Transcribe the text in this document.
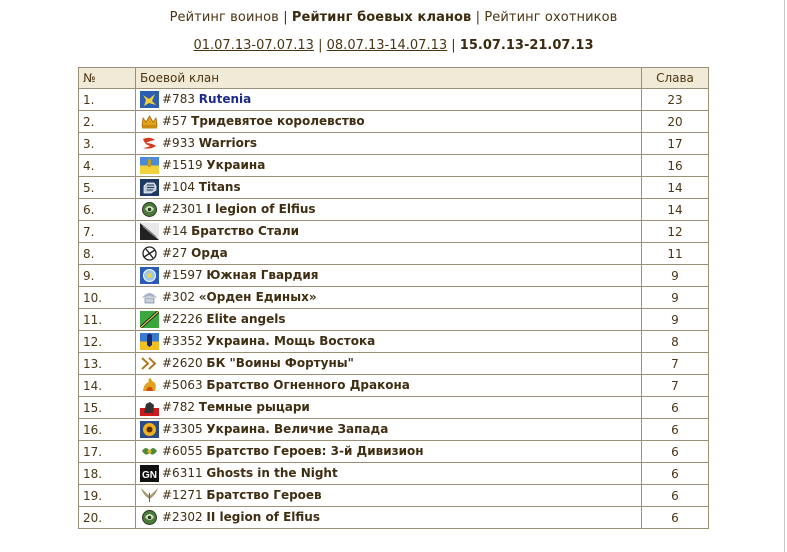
Рейтинг воинов | Рейтинг боевых кланов | Рейтинг охотников
01.07.13-07.07.13 | 08.07.13-14.07.13 | 15.07.13-21.07.13
№	Боевой клан	Слава
1.	#783 Rutenia	23
2.	#57 Тридевятое королевство	20
3.	#933 Warriors	17
4.	#1519 Украина	16
5.	#104 Titans	14
6.	#2301 I legion of Elfius	14
7.	#14 Братство Стали	12
8.	#27 Орда	11
9.	#1597 Южная Гвардия	9
10.	#302 «Орден Единых»	9
11.	#2226 Elite angels	9
12.	#3352 Украина. Мощь Востока	8
13.	#2620 БК "Воины Фортуны"	7
14.	#5063 Братство Огненного Дракона	7
15.	#782 Темные рыцари	6
16.	#3305 Украина. Величие Запада	6
17.	#6055 Братство Героев: 3-й Дивизион	6
18.	GN #6311 Ghosts in the Night	6
19.	#1271 Братство Героев	6
20.	#2302 II legion of Elfius	6
